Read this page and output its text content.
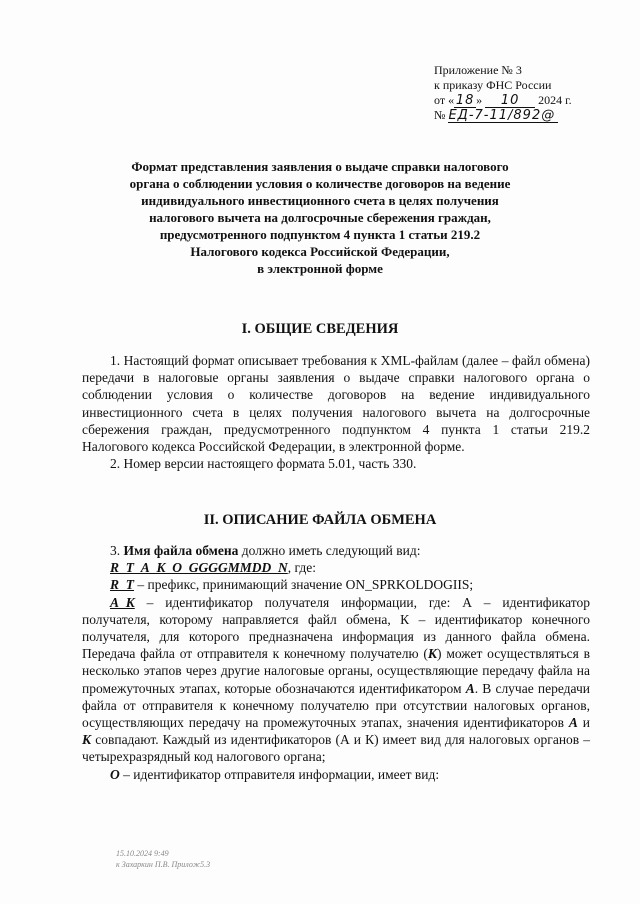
Приложение № 3
к приказу ФНС России
от « 18 » 10 2024 г.
№ ЕД-7-11/892@
Формат представления заявления о выдаче справки налогового
органа о соблюдении условия о количестве договоров на ведение
индивидуального инвестиционного счета в целях получения
налогового вычета на долгосрочные сбережения граждан,
предусмотренного подпунктом 4 пункта 1 статьи 219.2
Налогового кодекса Российской Федерации,
в электронной форме
I. ОБЩИЕ СВЕДЕНИЯ

1. Настоящий формат описывает требования к XML-файлам (далее – файл обмена) передачи в налоговые органы заявления о выдаче справки налогового органа о соблюдении условия о количестве договоров на ведение индивидуального инвестиционного счета в целях получения налогового вычета на долгосрочные сбережения граждан, предусмотренного подпунктом 4 пункта 1 статьи 219.2 Налогового кодекса Российской Федерации, в электронной форме.

2. Номер версии настоящего формата 5.01, часть 330.

II. ОПИСАНИЕ ФАЙЛА ОБМЕНА

3. Имя файла обмена должно иметь следующий вид:

R_T_A_K_O_GGGGMMDD_N, где:

R_T – префикс, принимающий значение ON_SPRKOLDOGIIS;

A_K – идентификатор получателя информации, где: А – идентификатор получателя, которому направляется файл обмена, К – идентификатор конечного получателя, для которого предназначена информация из данного файла обмена. Передача файла от отправителя к конечному получателю (К) может осуществляться в несколько этапов через другие налоговые органы, осуществляющие передачу файла на промежуточных этапах, которые обозначаются идентификатором А. В случае передачи файла от отправителя к конечному получателю при отсутствии налоговых органов, осуществляющих передачу на промежуточных этапах, значения идентификаторов А и К совпадают. Каждый из идентификаторов (А и К) имеет вид для налоговых органов – четырехразрядный код налогового органа;

О – идентификатор отправителя информации, имеет вид:

15.10.2024 9:49
к Захаркин П.В. Прилож5.3
